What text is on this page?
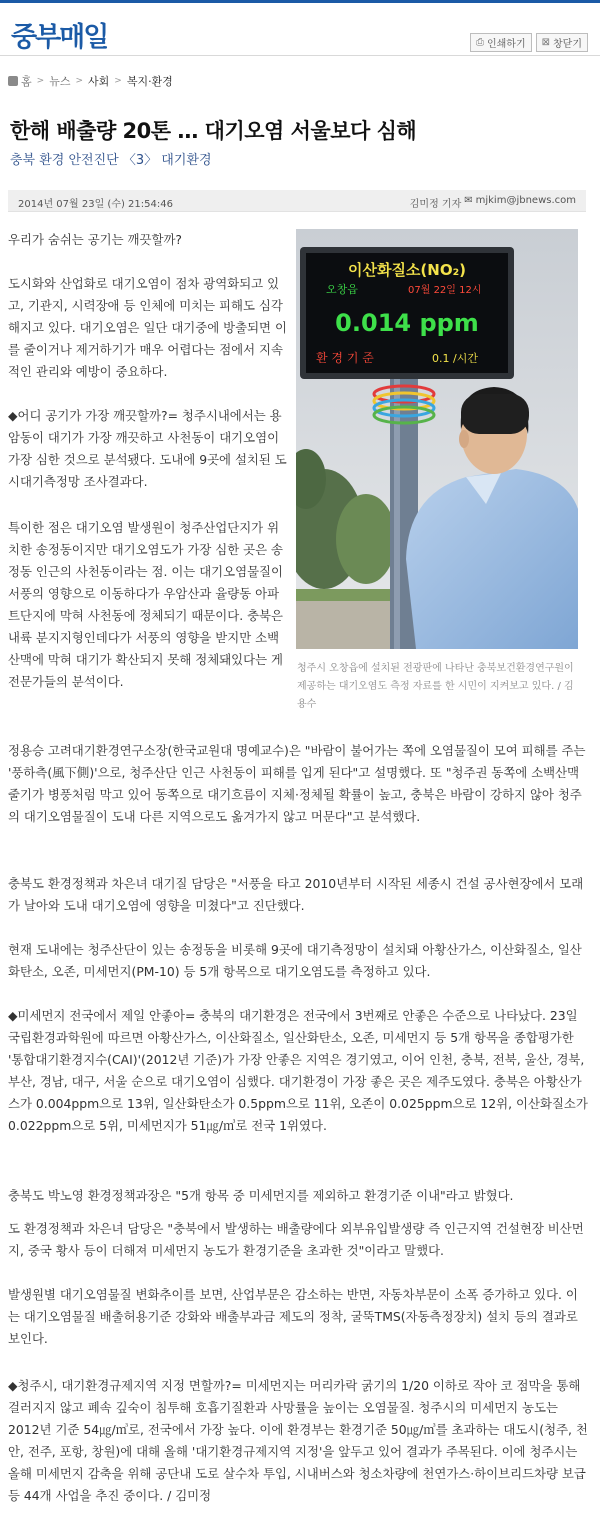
중부매일	⎙ 인쇄하기 ⊠ 창닫기
홈 > 뉴스 > 사회 > 복지·환경
한해 배출량 20톤 … 대기오염 서울보다 심해
충북 환경 안전진단 〈3〉 대기환경
2014년 07월 23일 (수) 21:54:46	김미정 기자 ✉ mjkim@jbnews.com
이산화질소(NO₂)
오창읍	07월 22일 12시
0.014 ppm
환 경 기 준	0.1 /시간
청주시 오창읍에 설치된 전광판에 나타난 충북보건환경연구원이 제공하는 대기오염도 측정 자료를 한 시민이 지켜보고 있다. / 김용수
우리가 숨쉬는 공기는 깨끗할까?
도시화와 산업화로 대기오염이 점차 광역화되고 있고, 기관지, 시력장애 등 인체에 미치는 피해도 심각해지고 있다. 대기오염은 일단 대기중에 방출되면 이를 줄이거나 제거하기가 매우 어렵다는 점에서 지속적인 관리와 예방이 중요하다.
◆어디 공기가 가장 깨끗할까?= 청주시내에서는 용암동이 대기가 가장 깨끗하고 사천동이 대기오염이 가장 심한 것으로 분석됐다. 도내에 9곳에 설치된 도시대기측정망 조사결과다.
특이한 점은 대기오염 발생원이 청주산업단지가 위치한 송정동이지만 대기오염도가 가장 심한 곳은 송정동 인근의 사천동이라는 점. 이는 대기오염물질이 서풍의 영향으로 이동하다가 우암산과 율량동 아파트단지에 막혀 사천동에 정체되기 때문이다. 충북은 내륙 분지지형인데다가 서풍의 영향을 받지만 소백산맥에 막혀 대기가 확산되지 못해 정체돼있다는 게 전문가들의 분석이다.
정용승 고려대기환경연구소장(한국교원대 명예교수)은 "바람이 불어가는 쪽에 오염물질이 모여 피해를 주는 '풍하측(風下側)'으로, 청주산단 인근 사천동이 피해를 입게 된다"고 설명했다. 또 "청주권 동쪽에 소백산맥 줄기가 병풍처럼 막고 있어 동쪽으로 대기흐름이 지체·정체될 확률이 높고, 충북은 바람이 강하지 않아 청주의 대기오염물질이 도내 다른 지역으로도 옮겨가지 않고 머문다"고 분석했다.
충북도 환경정책과 차은녀 대기질 담당은 "서풍을 타고 2010년부터 시작된 세종시 건설 공사현장에서 모래가 날아와 도내 대기오염에 영향을 미쳤다"고 진단했다.
현재 도내에는 청주산단이 있는 송정동을 비롯해 9곳에 대기측정망이 설치돼 아황산가스, 이산화질소, 일산화탄소, 오존, 미세먼지(PM-10) 등 5개 항목으로 대기오염도를 측정하고 있다.
◆미세먼지 전국에서 제일 안좋아= 충북의 대기환경은 전국에서 3번째로 안좋은 수준으로 나타났다. 23일 국립환경과학원에 따르면 아황산가스, 이산화질소, 일산화탄소, 오존, 미세먼지 등 5개 항목을 종합평가한 '통합대기환경지수(CAI)'(2012년 기준)가 가장 안좋은 지역은 경기였고, 이어 인천, 충북, 전북, 울산, 경북, 부산, 경남, 대구, 서울 순으로 대기오염이 심했다. 대기환경이 가장 좋은 곳은 제주도였다. 충북은 아황산가스가 0.004ppm으로 13위, 일산화탄소가 0.5ppm으로 11위, 오존이 0.025ppm으로 12위, 이산화질소가 0.022ppm으로 5위, 미세먼지가 51㎍/㎥로 전국 1위였다.
충북도 박노영 환경정책과장은 "5개 항목 중 미세먼지를 제외하고 환경기준 이내"라고 밝혔다.
도 환경정책과 차은녀 담당은 "충북에서 발생하는 배출량에다 외부유입발생량 즉 인근지역 건설현장 비산먼지, 중국 황사 등이 더해져 미세먼지 농도가 환경기준을 초과한 것"이라고 말했다.
발생원별 대기오염물질 변화추이를 보면, 산업부문은 감소하는 반면, 자동차부문이 소폭 증가하고 있다. 이는 대기오염물질 배출허용기준 강화와 배출부과금 제도의 정착, 굴뚝TMS(자동측정장치) 설치 등의 결과로 보인다.
◆청주시, 대기환경규제지역 지정 면할까?= 미세먼지는 머리카락 굵기의 1/20 이하로 작아 코 점막을 통해 걸러지지 않고 폐속 깊숙이 침투해 호흡기질환과 사망률을 높이는 오염물질. 청주시의 미세먼지 농도는 2012년 기준 54㎍/㎥로, 전국에서 가장 높다. 이에 환경부는 환경기준 50㎍/㎥를 초과하는 대도시(청주, 천안, 전주, 포항, 창원)에 대해 올해 '대기환경규제지역 지정'을 앞두고 있어 결과가 주목된다. 이에 청주시는 올해 미세먼지 감축을 위해 공단내 도로 살수차 투입, 시내버스와 청소차량에 천연가스·하이브리드차량 보급 등 44개 사업을 추진 중이다. / 김미정
